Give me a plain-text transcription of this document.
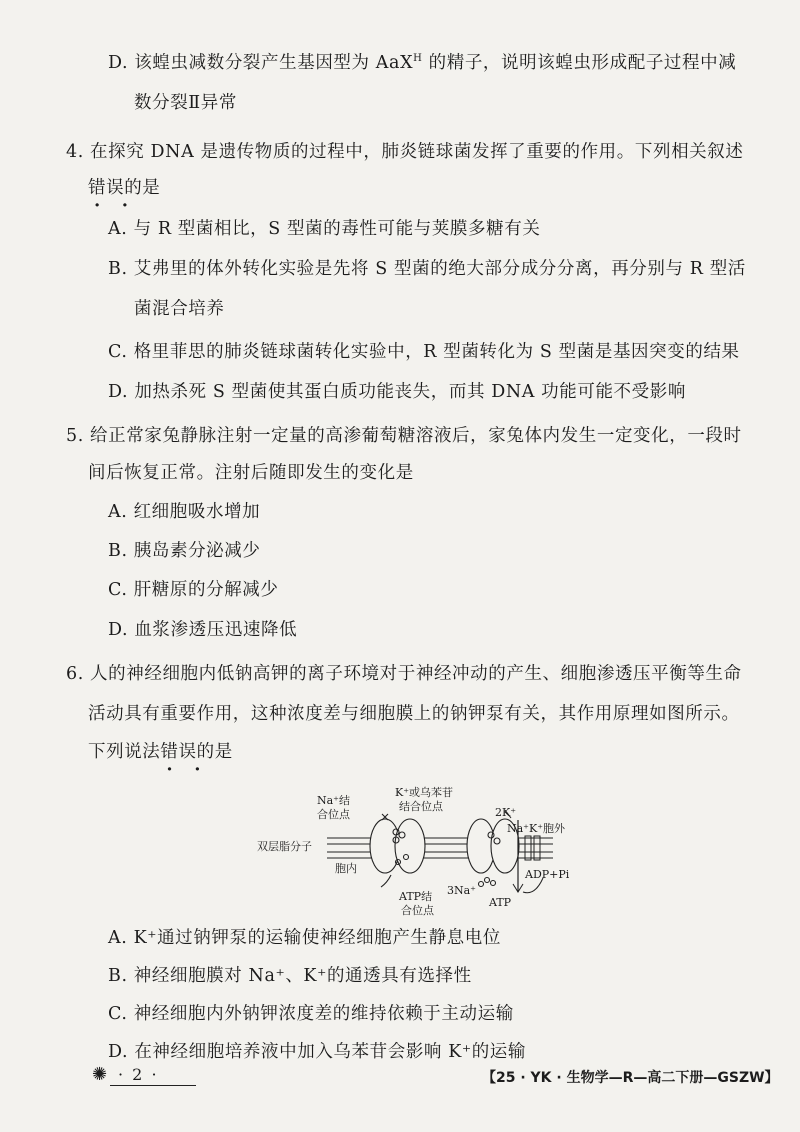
D. 该蝗虫减数分裂产生基因型为 AaX$^H$ 的精子，说明该蝗虫形成配子过程中减
数分裂Ⅱ异常
4. 在探究 DNA 是遗传物质的过程中，肺炎链球菌发挥了重要的作用。下列相关叙述
错误 ·  ·的是
A. 与 R 型菌相比，S 型菌的毒性可能与荚膜多糖有关
B. 艾弗里的体外转化实验是先将 S 型菌的绝大部分成分分离，再分别与 R 型活
菌混合培养
C. 格里菲思的肺炎链球菌转化实验中，R 型菌转化为 S 型菌是基因突变的结果
D. 加热杀死 S 型菌使其蛋白质功能丧失，而其 DNA 功能可能不受影响
5. 给正常家兔静脉注射一定量的高渗葡萄糖溶液后，家兔体内发生一定变化，一段时
间后恢复正常。注射后随即发生的变化是
A. 红细胞吸水增加
B. 胰岛素分泌减少
C. 肝糖原的分解减少
D. 血浆渗透压迅速降低
6. 人的神经细胞内低钠高钾的离子环境对于神经冲动的产生、细胞渗透压平衡等生命
活动具有重要作用，这种浓度差与细胞膜上的钠钾泵有关，其作用原理如图所示。
下列说法错误 ·  ·的是
Na⁺结
合位点
K⁺或乌苯苷
结合位点	2K⁺
Na⁺K⁺胞外
双层脂分子
胞内	ADP+Pi
ATP结
合位点
3Na⁺
ATP
A. K⁺通过钠钾泵的运输使神经细胞产生静息电位
B. 神经细胞膜对 Na⁺、K⁺的通透具有选择性
C. 神经细胞内外钠钾浓度差的维持依赖于主动运输
D. 在神经细胞培养液中加入乌苯苷会影响 K⁺的运输
✺ · 2 ·	【25 · YK · 生物学—R—高二下册—GSZW】
